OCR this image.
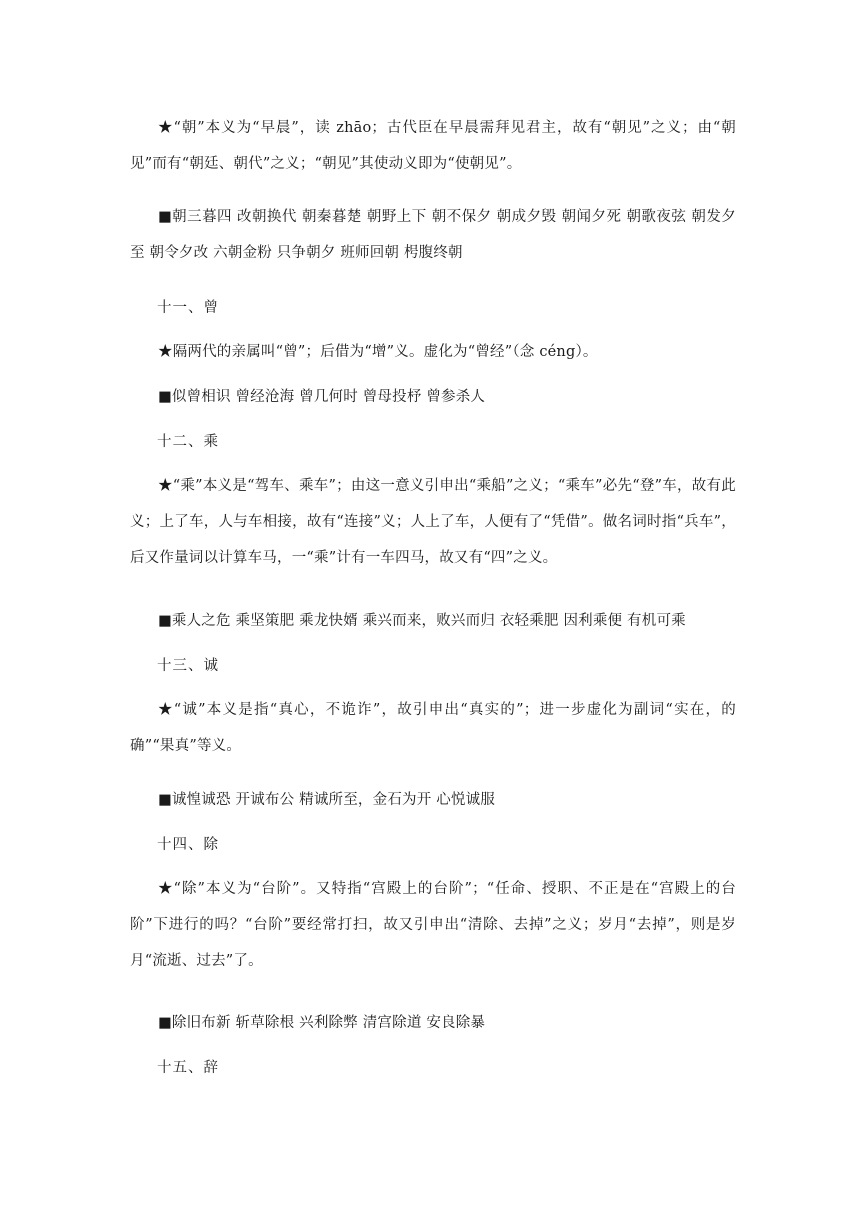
★“朝”本义为“早晨”，读 zhāo；古代臣在早晨需拜见君主，故有“朝见”之义；由“朝见”而有“朝廷、朝代”之义；“朝见”其使动义即为“使朝见”。

■朝三暮四 改朝换代 朝秦暮楚 朝野上下 朝不保夕 朝成夕毁 朝闻夕死 朝歌夜弦 朝发夕至 朝令夕改 六朝金粉 只争朝夕 班师回朝 枵腹终朝

十一、曾

★隔两代的亲属叫“曾”；后借为“增”义。虚化为“曾经”（念 céng）。

■似曾相识 曾经沧海 曾几何时 曾母投杼 曾参杀人

十二、乘

★“乘”本义是“驾车、乘车”；由这一意义引申出“乘船”之义；“乘车”必先“登”车，故有此义；上了车，人与车相接，故有“连接”义；人上了车，人便有了“凭借”。做名词时指“兵车”，后又作量词以计算车马，一“乘”计有一车四马，故又有“四”之义。

■乘人之危 乘坚策肥 乘龙快婿 乘兴而来，败兴而归 衣轻乘肥 因利乘便 有机可乘

十三、诚

★“诚”本义是指“真心，不诡诈”，故引申出“真实的”；进一步虚化为副词“实在，的确”“果真”等义。

■诚惶诚恐 开诚布公 精诚所至，金石为开 心悦诚服

十四、除

★“除”本义为“台阶”。又特指“宫殿上的台阶”；“任命、授职、不正是在“宫殿上的台阶”下进行的吗？“台阶”要经常打扫，故又引申出“清除、去掉”之义；岁月“去掉”，则是岁月“流逝、过去”了。

■除旧布新 斩草除根 兴利除弊 清宫除道 安良除暴

十五、辞
